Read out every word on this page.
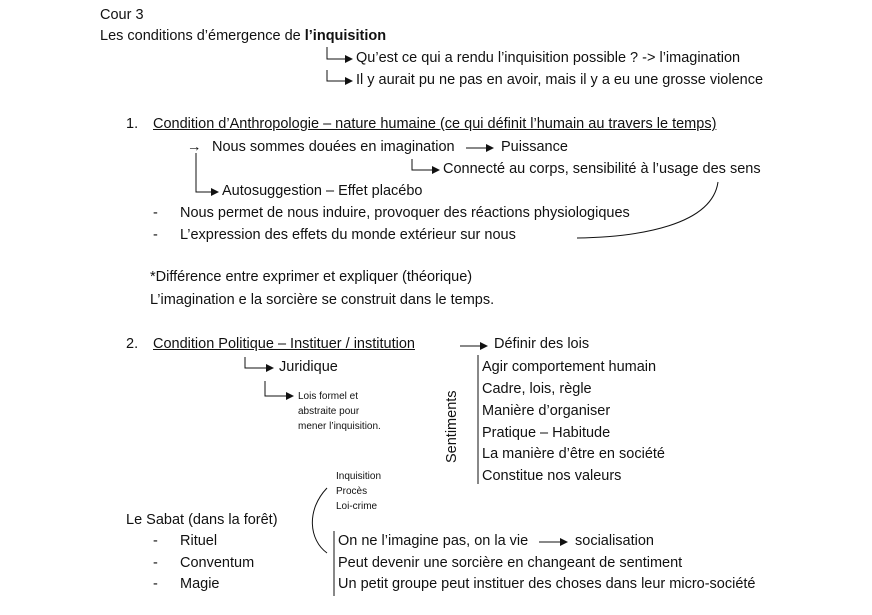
Cour 3
Les conditions d’émergence de l’inquisition
Qu’est ce qui a rendu l’inquisition possible ? -> l’imagination
Il y aurait pu ne pas en avoir, mais il y a eu une grosse violence
1. Condition d’Anthropologie – nature humaine (ce qui définit l’humain au travers le temps)
→ Nous sommes douées en imagination	Puissance
Connecté au corps, sensibilité à l’usage des sens
Autosuggestion – Effet placébo
- Nous permet de nous induire, provoquer des réactions physiologiques
- L’expression des effets du monde extérieur sur nous
*Différence entre exprimer et expliquer (théorique)
L’imagination e la sorcière se construit dans le temps.
2. Condition Politique – Instituer / institution	Définir des lois
Juridique
Lois formel et
abstraite pour
mener l’inquisition.	Sentiments
Agir comportement humain
Cadre, lois, règle
Manière d’organiser
Pratique – Habitude
La manière d’être en société
Constitue nos valeurs
Inquisition
Procès
Loi-crime
Le Sabat (dans la forêt)
- Rituel
- Conventum
- Magie
On ne l’imagine pas, on la vie	socialisation
Peut devenir une sorcière en changeant de sentiment
Un petit groupe peut instituer des choses dans leur micro-société
